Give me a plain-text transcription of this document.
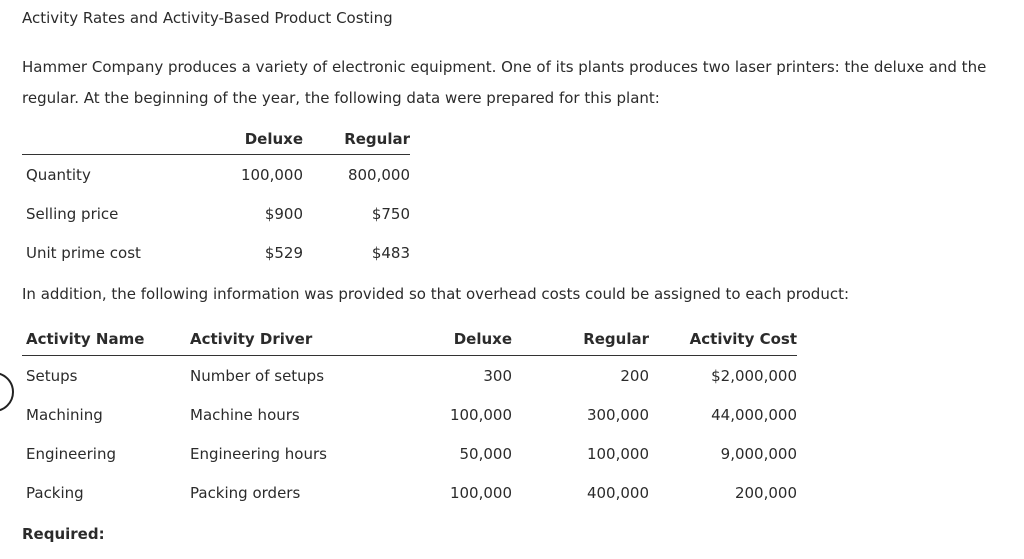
Activity Rates and Activity-Based Product Costing
Hammer Company produces a variety of electronic equipment. One of its plants produces two laser printers: the deluxe and the
regular. At the beginning of the year, the following data were prepared for this plant:
	Deluxe	Regular
Quantity	100,000	800,000
Selling price	$900	$750
Unit prime cost	$529	$483
In addition, the following information was provided so that overhead costs could be assigned to each product:
Activity Name	Activity Driver	Deluxe	Regular	Activity Cost
Setups	Number of setups	300	200	$2,000,000
Machining	Machine hours	100,000	300,000	44,000,000
Engineering	Engineering hours	50,000	100,000	9,000,000
Packing	Packing orders	100,000	400,000	200,000
Required:
